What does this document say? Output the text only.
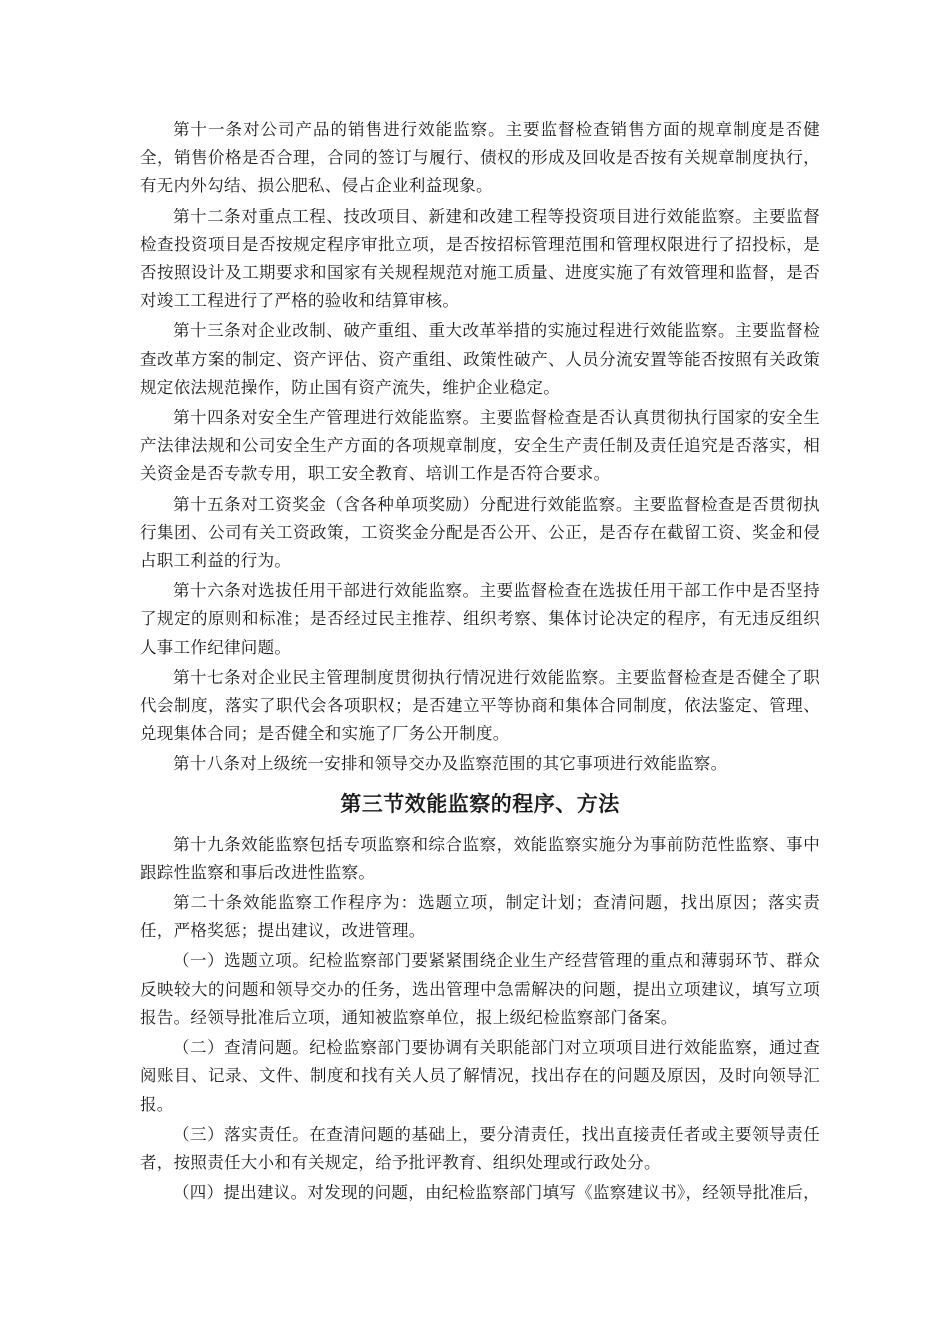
第十一条对公司产品的销售进行效能监察。主要监督检查销售方面的规章制度是否健全，销售价格是否合理，合同的签订与履行、债权的形成及回收是否按有关规章制度执行，有无内外勾结、损公肥私、侵占企业利益现象。

第十二条对重点工程、技改项目、新建和改建工程等投资项目进行效能监察。主要监督检查投资项目是否按规定程序审批立项，是否按招标管理范围和管理权限进行了招投标，是否按照设计及工期要求和国家有关规程规范对施工质量、进度实施了有效管理和监督，是否对竣工工程进行了严格的验收和结算审核。

第十三条对企业改制、破产重组、重大改革举措的实施过程进行效能监察。主要监督检查改革方案的制定、资产评估、资产重组、政策性破产、人员分流安置等能否按照有关政策规定依法规范操作，防止国有资产流失，维护企业稳定。

第十四条对安全生产管理进行效能监察。主要监督检查是否认真贯彻执行国家的安全生产法律法规和公司安全生产方面的各项规章制度，安全生产责任制及责任追究是否落实，相关资金是否专款专用，职工安全教育、培训工作是否符合要求。

第十五条对工资奖金（含各种单项奖励）分配进行效能监察。主要监督检查是否贯彻执行集团、公司有关工资政策，工资奖金分配是否公开、公正，是否存在截留工资、奖金和侵占职工利益的行为。

第十六条对选拔任用干部进行效能监察。主要监督检查在选拔任用干部工作中是否坚持了规定的原则和标准；是否经过民主推荐、组织考察、集体讨论决定的程序，有无违反组织人事工作纪律问题。

第十七条对企业民主管理制度贯彻执行情况进行效能监察。主要监督检查是否健全了职代会制度，落实了职代会各项职权；是否建立平等协商和集体合同制度，依法鉴定、管理、兑现集体合同；是否健全和实施了厂务公开制度。

第十八条对上级统一安排和领导交办及监察范围的其它事项进行效能监察。

第三节效能监察的程序、方法

第十九条效能监察包括专项监察和综合监察，效能监察实施分为事前防范性监察、事中跟踪性监察和事后改进性监察。

第二十条效能监察工作程序为：选题立项，制定计划；查清问题，找出原因；落实责任，严格奖惩；提出建议，改进管理。

（一）选题立项。纪检监察部门要紧紧围绕企业生产经营管理的重点和薄弱环节、群众反映较大的问题和领导交办的任务，选出管理中急需解决的问题，提出立项建议，填写立项报告。经领导批准后立项，通知被监察单位，报上级纪检监察部门备案。

（二）查清问题。纪检监察部门要协调有关职能部门对立项项目进行效能监察，通过查阅账目、记录、文件、制度和找有关人员了解情况，找出存在的问题及原因，及时向领导汇报。

（三）落实责任。在查清问题的基础上，要分清责任，找出直接责任者或主要领导责任者，按照责任大小和有关规定，给予批评教育、组织处理或行政处分。

（四）提出建议。对发现的问题，由纪检监察部门填写《监察建议书》，经领导批准后，
